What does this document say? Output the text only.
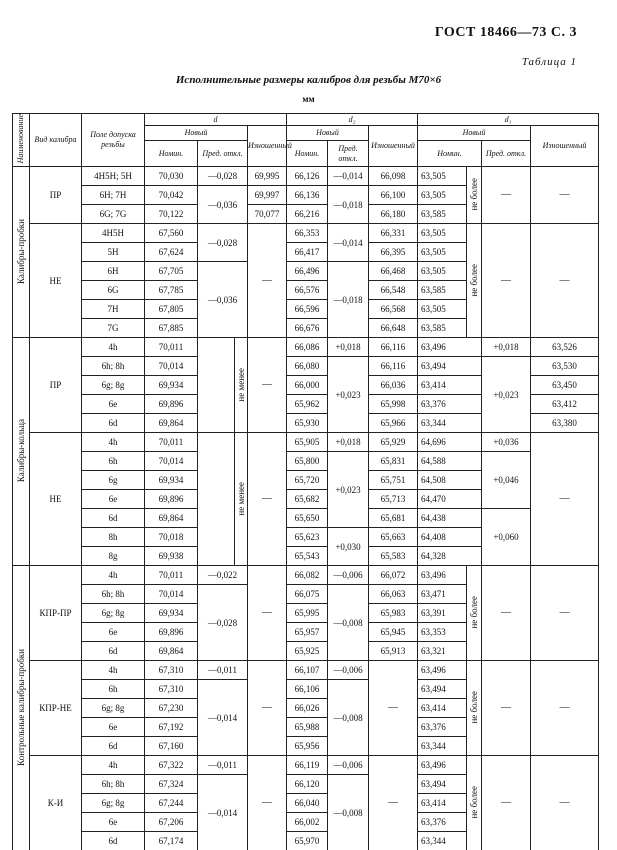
ГОСТ 18466—73 С. 3
Таблица 1
Исполнительные размеры калибров для резьбы М70×6
мм
Наименование	Вид калибра	Поле допуска резьбы	d				d₂			d₁			
			Новый			Изношенный	Новый		Изношенный	Новый			Изношенный
			Номин.	Пред. откл.			Номин.	Пред. откл.		Номин.		Пред. откл.	
Калибры-пробки	ПР	4Н5Н; 5Н	70,030	—0,028		69,995	66,126	—0,014	66,098	63,505	не более	—	—
		6Н; 7Н	70,042	—0,036		69,997	66,136	—0,018	66,100	63,505			
		6G; 7G	70,122			70,077	66,216		66,180	63,585			
	НЕ	4Н5Н	67,560	—0,028		—	66,353	—0,014	66,331	63,505	не более	—	—
		5Н	67,624				66,417		66,395	63,505			
		6Н	67,705	—0,036			66,496	—0,018	66,468	63,505			
		6G	67,785				66,576		66,548	63,585			
		7Н	67,805				66,596		66,568	63,505			
		7G	67,885				66,676		66,648	63,585			
Калибры-кольца	ПР	4h	70,011		не менее	—	66,086	+0,018	66,116	63,496		+0,018	63,526
		6h; 8h	70,014				66,080	+0,023	66,116	63,494		+0,023	63,530
		6g; 8g	69,934				66,000		66,036	63,414			63,450
		6e	69,896				65,962		65,998	63,376			63,412
		6d	69,864				65,930		65,966	63,344			63,380
	НЕ	4h	70,011		не менее	—	65,905	+0,018	65,929	64,696		+0,036	—
		6h	70,014				65,800	+0,023	65,831	64,588		+0,046	
		6g	69,934				65,720		65,751	64,508			
		6e	69,896				65,682		65,713	64,470			
		6d	69,864				65,650		65,681	64,438		+0,060	
		8h	70,018				65,623	+0,030	65,663	64,408			
		8g	69,938				65,543		65,583	64,328			
Контрольные калибры-пробки	КПР-ПР	4h	70,011	—0,022		—	66,082	—0,006	66,072	63,496	не более	—	—
		6h; 8h	70,014	—0,028			66,075	—0,008	66,063	63,471			
		6g; 8g	69,934				65,995		65,983	63,391			
		6e	69,896				65,957		65,945	63,353			
		6d	69,864				65,925		65,913	63,321			
	КПР-НЕ	4h	67,310	—0,011		—	66,107	—0,006	—	63,496	не более	—	—
		6h	67,310	—0,014			66,106	—0,008		63,494			
		6g; 8g	67,230				66,026			63,414			
		6e	67,192				65,988			63,376			
		6d	67,160				65,956			63,344			
	К-И	4h	67,322	—0,011		—	66,119	—0,006	—	63,496	не более	—	—
		6h; 8h	67,324	—0,014			66,120	—0,008		63,494			
		6g; 8g	67,244				66,040			63,414			
		6e	67,206				66,002			63,376			
		6d	67,174				65,970			63,344			
